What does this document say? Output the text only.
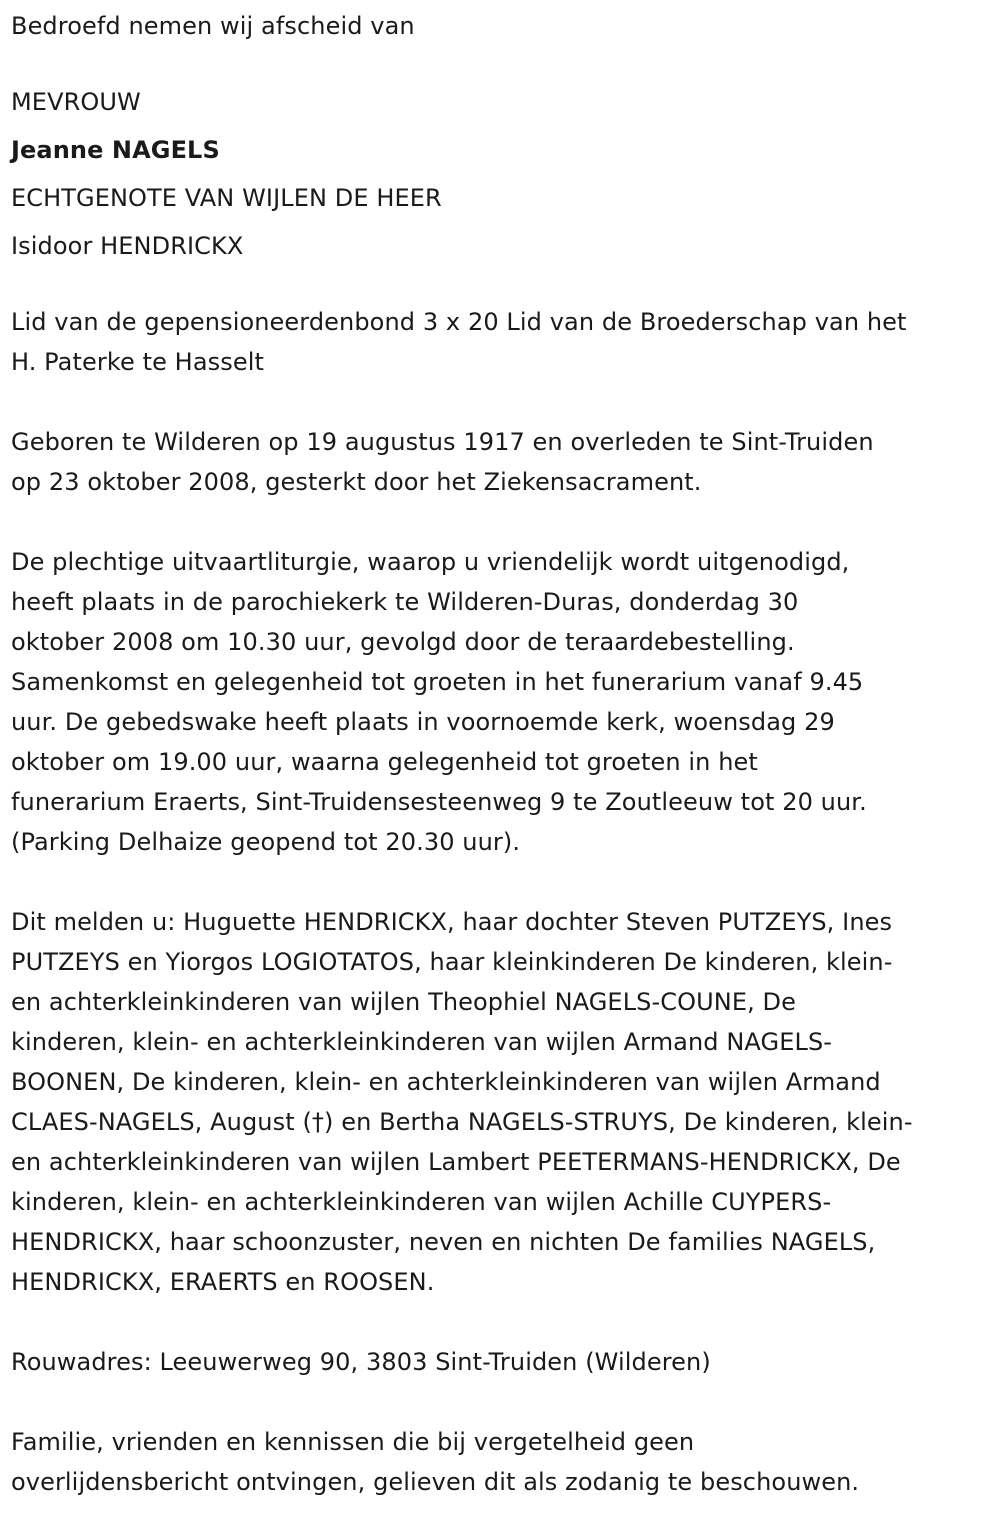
Bedroefd nemen wij afscheid van
MEVROUW
Jeanne NAGELS
ECHTGENOTE VAN WIJLEN DE HEER
Isidoor HENDRICKX
Lid van de gepensioneerdenbond 3 x 20 Lid van de Broederschap van het
H. Paterke te Hasselt
Geboren te Wilderen op 19 augustus 1917 en overleden te Sint-Truiden
op 23 oktober 2008, gesterkt door het Ziekensacrament.
De plechtige uitvaartliturgie, waarop u vriendelijk wordt uitgenodigd,
heeft plaats in de parochiekerk te Wilderen-Duras, donderdag 30
oktober 2008 om 10.30 uur, gevolgd door de teraardebestelling.
Samenkomst en gelegenheid tot groeten in het funerarium vanaf 9.45
uur. De gebedswake heeft plaats in voornoemde kerk, woensdag 29
oktober om 19.00 uur, waarna gelegenheid tot groeten in het
funerarium Eraerts, Sint-Truidensesteenweg 9 te Zoutleeuw tot 20 uur.
(Parking Delhaize geopend tot 20.30 uur).
Dit melden u: Huguette HENDRICKX, haar dochter Steven PUTZEYS, Ines
PUTZEYS en Yiorgos LOGIOTATOS, haar kleinkinderen De kinderen, klein-
en achterkleinkinderen van wijlen Theophiel NAGELS-COUNE, De
kinderen, klein- en achterkleinkinderen van wijlen Armand NAGELS-
BOONEN, De kinderen, klein- en achterkleinkinderen van wijlen Armand
CLAES-NAGELS, August (†) en Bertha NAGELS-STRUYS, De kinderen, klein-
en achterkleinkinderen van wijlen Lambert PEETERMANS-HENDRICKX, De
kinderen, klein- en achterkleinkinderen van wijlen Achille CUYPERS-
HENDRICKX, haar schoonzuster, neven en nichten De families NAGELS,
HENDRICKX, ERAERTS en ROOSEN.
Rouwadres: Leeuwerweg 90, 3803 Sint-Truiden (Wilderen)
Familie, vrienden en kennissen die bij vergetelheid geen
overlijdensbericht ontvingen, gelieven dit als zodanig te beschouwen.
